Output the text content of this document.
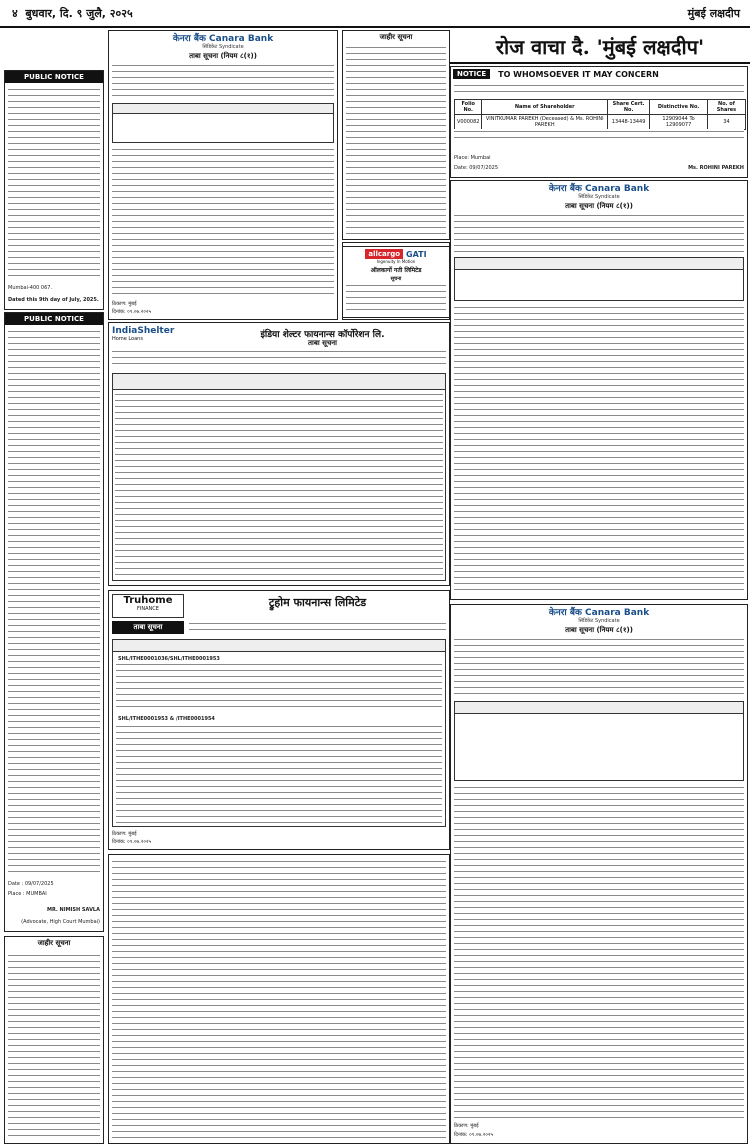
४ बुधवार, दि. ९ जुलै, २०२५	मुंबई लक्षदीप
PUBLIC NOTICE
Mumbai-400 067.
Dated this 9th day of July, 2025.
PUBLIC NOTICE
Date : 09/07/2025
Place : MUMBAI
MR. NIMISH SAVLA
(Advocate, High Court Mumbai)
जाहीर सूचना
केनरा बैंक Canara Bank
सिंडिकेट Syndicate
ताबा सूचना (नियम ८(१))
ठिकाण: मुंबई
दिनांक: ०९.०७.२०२५
IndiaShelter
Home Loans	इंडिया शेल्टर फायनान्स कॉर्पोरेशन लि.
ताबा सूचना
Truhome
FINANCE	ट्रुहोम फायनान्स लिमिटेड
ताबा सूचना
SHL/ITHE0001036/SHL/ITHE0001953
SHL/ITHE0001953 & /ITHE0001954
ठिकाण: मुंबई
दिनांक: ०९.०७.२०२५
जाहीर सूचना	रोज वाचा दै. 'मुंबई लक्षदीप'
NOTICE	TO WHOMSOEVER IT MAY CONCERN
Folio No.	Name of Shareholder	Share Cert. No.	Distinctive No.	No. of Shares
V000082	VINITKUMAR PAREKH (Deceased) & Ms. ROHINI PAREKH	13448-13449	12909044 To 12909077	34
Place: Mumbai
Date: 09/07/2025	Ms. ROHINI PAREKH
केनरा बैंक Canara Bank
सिंडिकेट Syndicate
ताबा सूचना (नियम ८(१))
केनरा बैंक Canara Bank
सिंडिकेट Syndicate
ताबा सूचना (नियम ८(१))
ठिकाण: मुंबई
दिनांक: ०९.०७.२०२५
allcargo GATI
Ingenuity In Motion
ऑलकार्गो गती लिमिटेड
सूचना
